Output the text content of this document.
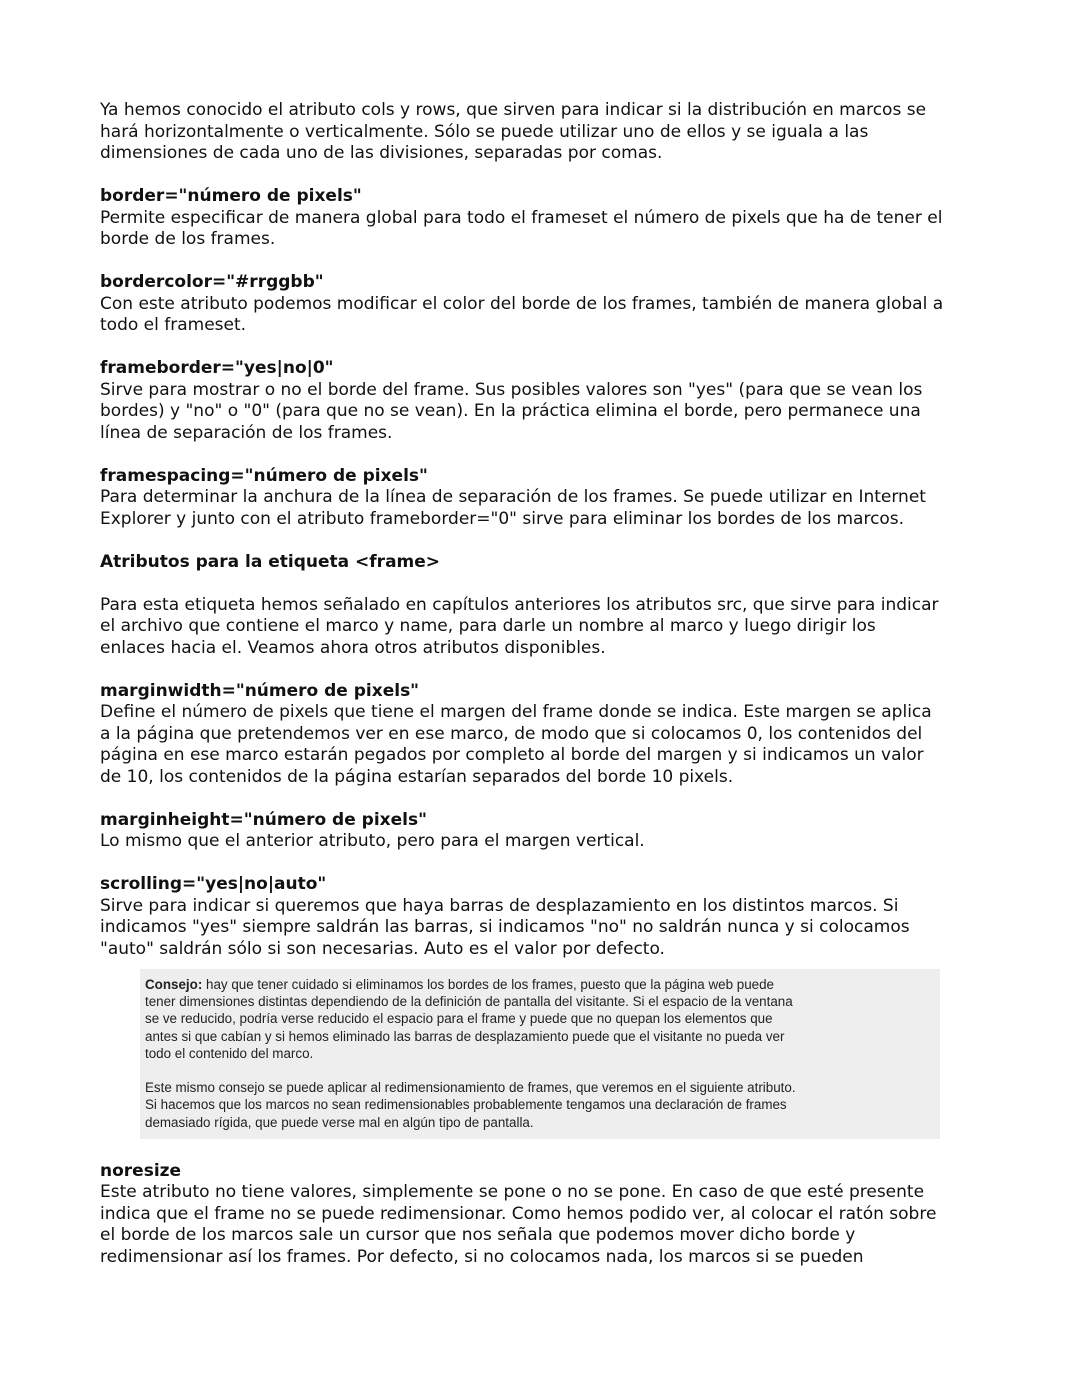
Ya hemos conocido el atributo cols y rows, que sirven para indicar si la distribución en marcos se
hará horizontalmente o verticalmente. Sólo se puede utilizar uno de ellos y se iguala a las
dimensiones de cada uno de las divisiones, separadas por comas.
border="número de pixels"
Permite especificar de manera global para todo el frameset el número de pixels que ha de tener el
borde de los frames.
bordercolor="#rrggbb"
Con este atributo podemos modificar el color del borde de los frames, también de manera global a
todo el frameset.
frameborder="yes|no|0"
Sirve para mostrar o no el borde del frame. Sus posibles valores son "yes" (para que se vean los
bordes) y "no" o "0" (para que no se vean). En la práctica elimina el borde, pero permanece una
línea de separación de los frames.
framespacing="número de pixels"
Para determinar la anchura de la línea de separación de los frames. Se puede utilizar en Internet
Explorer y junto con el atributo frameborder="0" sirve para eliminar los bordes de los marcos.
Atributos para la etiqueta <frame>
Para esta etiqueta hemos señalado en capítulos anteriores los atributos src, que sirve para indicar
el archivo que contiene el marco y name, para darle un nombre al marco y luego dirigir los
enlaces hacia el. Veamos ahora otros atributos disponibles.
marginwidth="número de pixels"
Define el número de pixels que tiene el margen del frame donde se indica. Este margen se aplica
a la página que pretendemos ver en ese marco, de modo que si colocamos 0, los contenidos del
página en ese marco estarán pegados por completo al borde del margen y si indicamos un valor
de 10, los contenidos de la página estarían separados del borde 10 pixels.
marginheight="número de pixels"
Lo mismo que el anterior atributo, pero para el margen vertical.
scrolling="yes|no|auto"
Sirve para indicar si queremos que haya barras de desplazamiento en los distintos marcos. Si
indicamos "yes" siempre saldrán las barras, si indicamos "no" no saldrán nunca y si colocamos
"auto" saldrán sólo si son necesarias. Auto es el valor por defecto.
Consejo: hay que tener cuidado si eliminamos los bordes de los frames, puesto que la página web puede
tener dimensiones distintas dependiendo de la definición de pantalla del visitante. Si el espacio de la ventana
se ve reducido, podría verse reducido el espacio para el frame y puede que no quepan los elementos que
antes si que cabían y si hemos eliminado las barras de desplazamiento puede que el visitante no pueda ver
todo el contenido del marco.
Este mismo consejo se puede aplicar al redimensionamiento de frames, que veremos en el siguiente atributo.
Si hacemos que los marcos no sean redimensionables probablemente tengamos una declaración de frames
demasiado rígida, que puede verse mal en algún tipo de pantalla.
noresize
Este atributo no tiene valores, simplemente se pone o no se pone. En caso de que esté presente
indica que el frame no se puede redimensionar. Como hemos podido ver, al colocar el ratón sobre
el borde de los marcos sale un cursor que nos señala que podemos mover dicho borde y
redimensionar así los frames. Por defecto, si no colocamos nada, los marcos si se pueden
